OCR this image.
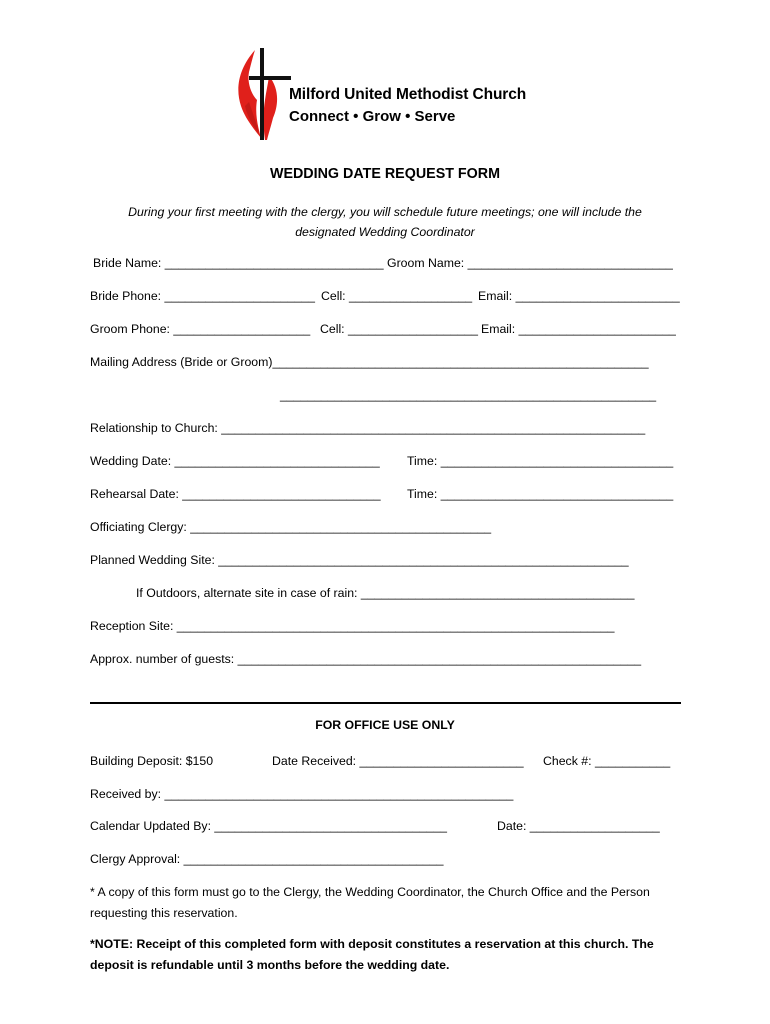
Milford United Methodist Church
Connect • Grow • Serve
WEDDING DATE REQUEST FORM
During your first meeting with the clergy, you will schedule future meetings; one will include the designated Wedding Coordinator
Bride Name: ________________________________ Groom Name: ______________________________
Bride Phone: ______________________ Cell: __________________ Email: ________________________
Groom Phone: ____________________ Cell: ___________________ Email: _______________________
Mailing Address (Bride or Groom)_______________________________________________________
_______________________________________________________
Relationship to Church: ______________________________________________________________
Wedding Date: ______________________________ Time: __________________________________
Rehearsal Date: _____________________________ Time: __________________________________
Officiating Clergy: ____________________________________________
Planned Wedding Site: ____________________________________________________________
If Outdoors, alternate site in case of rain: ________________________________________
Reception Site: ________________________________________________________________
Approx. number of guests: ___________________________________________________________
FOR OFFICE USE ONLY
Building Deposit: $150	Date Received: ________________________ Check #: ___________
Received by: ___________________________________________________
Calendar Updated By: __________________________________	Date: ___________________
Clergy Approval: ______________________________________
* A copy of this form must go to the Clergy, the Wedding Coordinator, the Church Office and the Person requesting this reservation.
*NOTE: Receipt of this completed form with deposit constitutes a reservation at this church. The deposit is refundable until 3 months before the wedding date.
